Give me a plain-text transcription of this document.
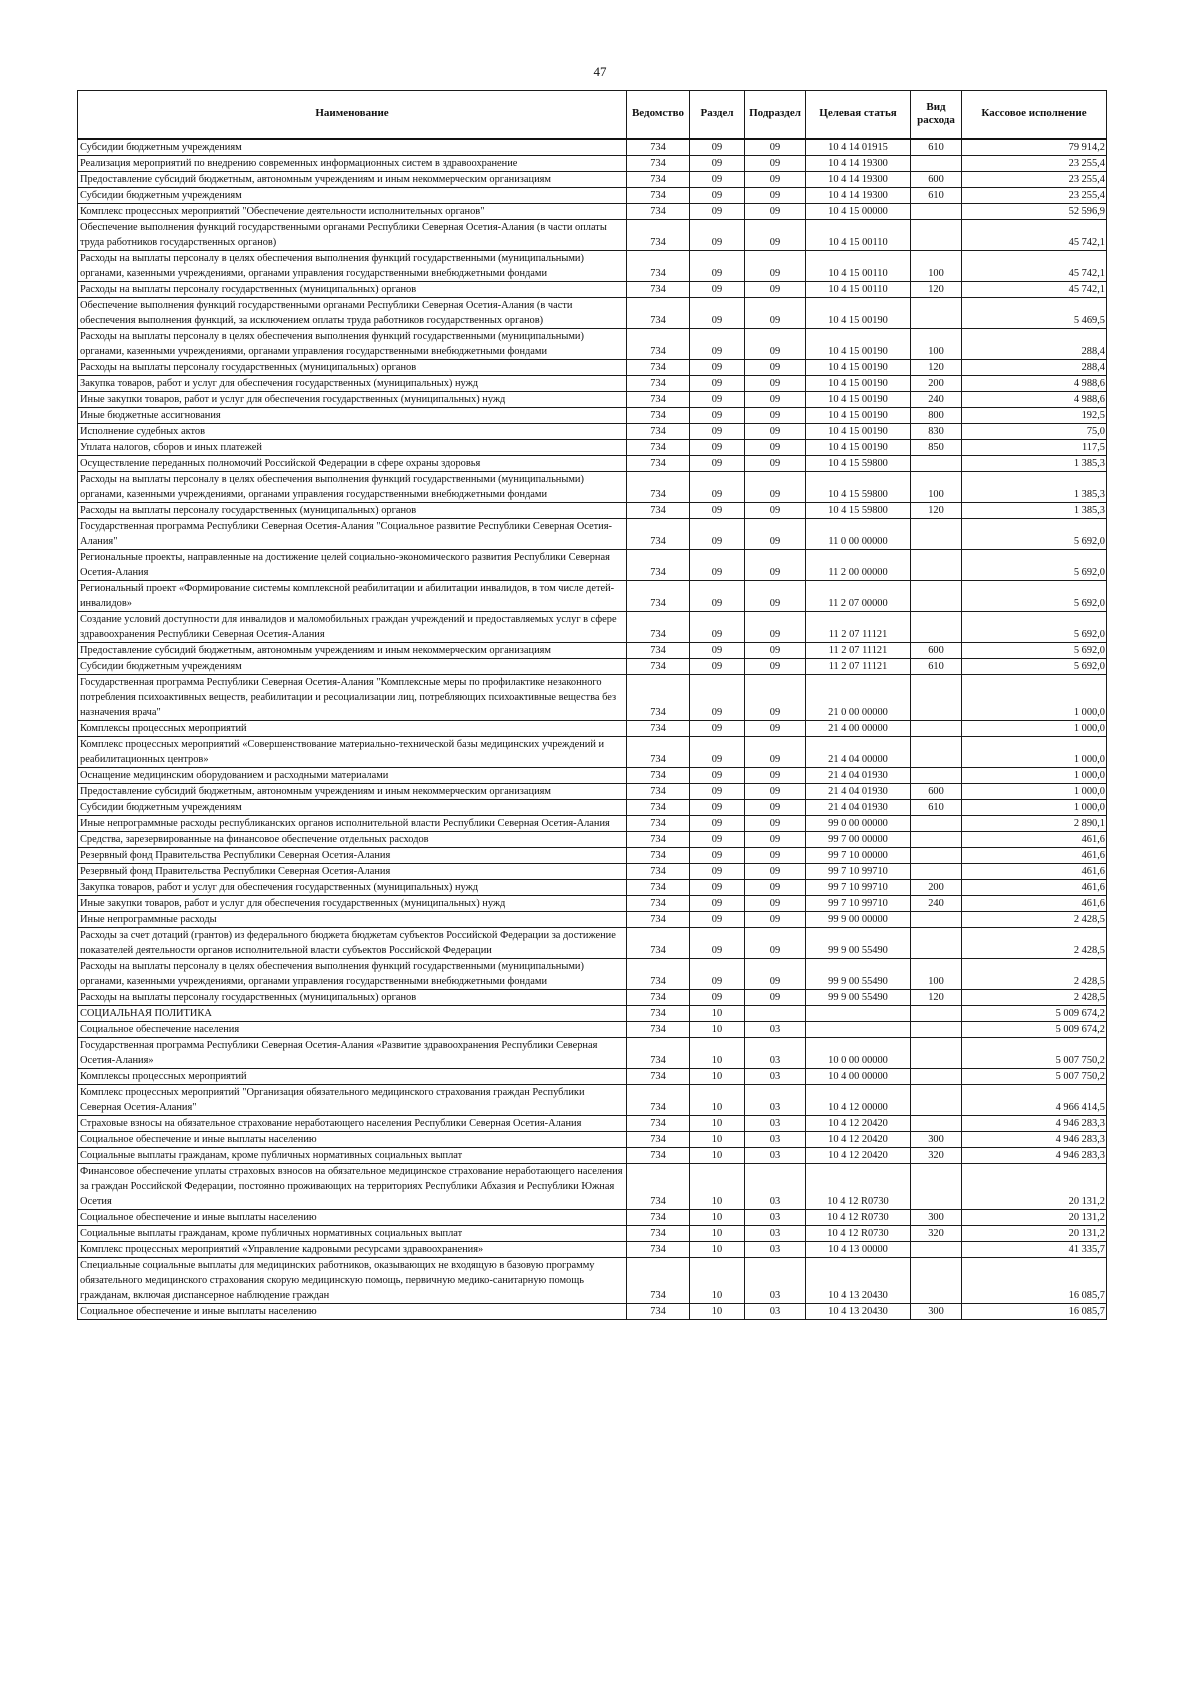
47
Наименование	Ведомство	Раздел	Подраздел	Целевая статья	Вид расхода	Кассовое исполнение
Субсидии бюджетным учреждениям	734	09	09	10 4 14 01915	610	79 914,2
Реализация мероприятий по внедрению современных информационных систем в здравоохранение	734	09	09	10 4 14 19300		23 255,4
Предоставление субсидий бюджетным, автономным учреждениям и иным некоммерческим организациям	734	09	09	10 4 14 19300	600	23 255,4
Субсидии бюджетным учреждениям	734	09	09	10 4 14 19300	610	23 255,4
Комплекс процессных мероприятий "Обеспечение деятельности исполнительных органов"	734	09	09	10 4 15 00000		52 596,9
Обеспечение выполнения функций государственными органами Республики Северная Осетия-Алания (в части оплаты труда работников государственных органов)	734	09	09	10 4 15 00110		45 742,1
Расходы на выплаты персоналу в целях обеспечения выполнения функций государственными (муниципальными) органами, казенными учреждениями, органами управления государственными внебюджетными фондами	734	09	09	10 4 15 00110	100	45 742,1
Расходы на выплаты персоналу государственных (муниципальных) органов	734	09	09	10 4 15 00110	120	45 742,1
Обеспечение выполнения функций государственными органами Республики Северная Осетия-Алания (в части обеспечения выполнения функций, за исключением оплаты труда работников государственных органов)	734	09	09	10 4 15 00190		5 469,5
Расходы на выплаты персоналу в целях обеспечения выполнения функций государственными (муниципальными) органами, казенными учреждениями, органами управления государственными внебюджетными фондами	734	09	09	10 4 15 00190	100	288,4
Расходы на выплаты персоналу государственных (муниципальных) органов	734	09	09	10 4 15 00190	120	288,4
Закупка товаров, работ и услуг для обеспечения государственных (муниципальных) нужд	734	09	09	10 4 15 00190	200	4 988,6
Иные закупки товаров, работ и услуг для обеспечения государственных (муниципальных) нужд	734	09	09	10 4 15 00190	240	4 988,6
Иные бюджетные ассигнования	734	09	09	10 4 15 00190	800	192,5
Исполнение судебных актов	734	09	09	10 4 15 00190	830	75,0
Уплата налогов, сборов и иных платежей	734	09	09	10 4 15 00190	850	117,5
Осуществление переданных полномочий Российской Федерации в сфере охраны здоровья	734	09	09	10 4 15 59800		1 385,3
Расходы на выплаты персоналу в целях обеспечения выполнения функций государственными (муниципальными) органами, казенными учреждениями, органами управления государственными внебюджетными фондами	734	09	09	10 4 15 59800	100	1 385,3
Расходы на выплаты персоналу государственных (муниципальных) органов	734	09	09	10 4 15 59800	120	1 385,3
Государственная программа Республики Северная Осетия-Алания "Социальное развитие Республики Северная Осетия-Алания"	734	09	09	11 0 00 00000		5 692,0
Региональные проекты, направленные на достижение целей социально-экономического развития Республики Северная Осетия-Алания	734	09	09	11 2 00 00000		5 692,0
Региональный проект «Формирование системы комплексной реабилитации и абилитации инвалидов, в том числе детей-инвалидов»	734	09	09	11 2 07 00000		5 692,0
Создание условий доступности для инвалидов и маломобильных граждан учреждений и предоставляемых услуг в сфере здравоохранения Республики Северная Осетия-Алания	734	09	09	11 2 07 11121		5 692,0
Предоставление субсидий бюджетным, автономным учреждениям и иным некоммерческим организациям	734	09	09	11 2 07 11121	600	5 692,0
Субсидии бюджетным учреждениям	734	09	09	11 2 07 11121	610	5 692,0
Государственная программа Республики Северная Осетия-Алания "Комплексные меры по профилактике незаконного потребления психоактивных веществ, реабилитации и ресоциализации лиц, потребляющих психоактивные вещества без назначения врача"	734	09	09	21 0 00 00000		1 000,0
Комплексы процессных мероприятий	734	09	09	21 4 00 00000		1 000,0
Комплекс процессных мероприятий «Совершенствование материально-технической базы медицинских учреждений и реабилитационных центров»	734	09	09	21 4 04 00000		1 000,0
Оснащение медицинским оборудованием и расходными материалами	734	09	09	21 4 04 01930		1 000,0
Предоставление субсидий бюджетным, автономным учреждениям и иным некоммерческим организациям	734	09	09	21 4 04 01930	600	1 000,0
Субсидии бюджетным учреждениям	734	09	09	21 4 04 01930	610	1 000,0
Иные непрограммные расходы республиканских органов исполнительной власти Республики Северная Осетия-Алания	734	09	09	99 0 00 00000		2 890,1
Средства, зарезервированные на финансовое обеспечение отдельных расходов	734	09	09	99 7 00 00000		461,6
Резервный фонд Правительства Республики Северная Осетия-Алания	734	09	09	99 7 10 00000		461,6
Резервный фонд Правительства Республики Северная Осетия-Алания	734	09	09	99 7 10 99710		461,6
Закупка товаров, работ и услуг для обеспечения государственных (муниципальных) нужд	734	09	09	99 7 10 99710	200	461,6
Иные закупки товаров, работ и услуг для обеспечения государственных (муниципальных) нужд	734	09	09	99 7 10 99710	240	461,6
Иные непрограммные расходы	734	09	09	99 9 00 00000		2 428,5
Расходы за счет дотаций (грантов) из федерального бюджета бюджетам субъектов Российской Федерации за достижение показателей деятельности органов исполнительной власти субъектов Российской Федерации	734	09	09	99 9 00 55490		2 428,5
Расходы на выплаты персоналу в целях обеспечения выполнения функций государственными (муниципальными) органами, казенными учреждениями, органами управления государственными внебюджетными фондами	734	09	09	99 9 00 55490	100	2 428,5
Расходы на выплаты персоналу государственных (муниципальных) органов	734	09	09	99 9 00 55490	120	2 428,5
СОЦИАЛЬНАЯ ПОЛИТИКА	734	10				5 009 674,2
Социальное обеспечение населения	734	10	03			5 009 674,2
Государственная программа Республики Северная Осетия-Алания «Развитие здравоохранения Республики Северная Осетия-Алания»	734	10	03	10 0 00 00000		5 007 750,2
Комплексы процессных мероприятий	734	10	03	10 4 00 00000		5 007 750,2
Комплекс процессных мероприятий "Организация обязательного медицинского страхования граждан Республики Северная Осетия-Алания"	734	10	03	10 4 12 00000		4 966 414,5
Страховые взносы на обязательное страхование неработающего населения Республики Северная Осетия-Алания	734	10	03	10 4 12 20420		4 946 283,3
Социальное обеспечение и иные выплаты населению	734	10	03	10 4 12 20420	300	4 946 283,3
Социальные выплаты гражданам, кроме публичных нормативных социальных выплат	734	10	03	10 4 12 20420	320	4 946 283,3
Финансовое обеспечение уплаты страховых взносов на обязательное медицинское страхование неработающего населения за граждан Российской Федерации, постоянно проживающих на территориях Республики Абхазия и Республики Южная Осетия	734	10	03	10 4 12 R0730		20 131,2
Социальное обеспечение и иные выплаты населению	734	10	03	10 4 12 R0730	300	20 131,2
Социальные выплаты гражданам, кроме публичных нормативных социальных выплат	734	10	03	10 4 12 R0730	320	20 131,2
Комплекс процессных мероприятий «Управление кадровыми ресурсами здравоохранения»	734	10	03	10 4 13 00000		41 335,7
Специальные социальные выплаты для медицинских работников, оказывающих не входящую в базовую программу обязательного медицинского страхования скорую медицинскую помощь, первичную медико-санитарную помощь гражданам, включая диспансерное наблюдение граждан	734	10	03	10 4 13 20430		16 085,7
Социальное обеспечение и иные выплаты населению	734	10	03	10 4 13 20430	300	16 085,7
